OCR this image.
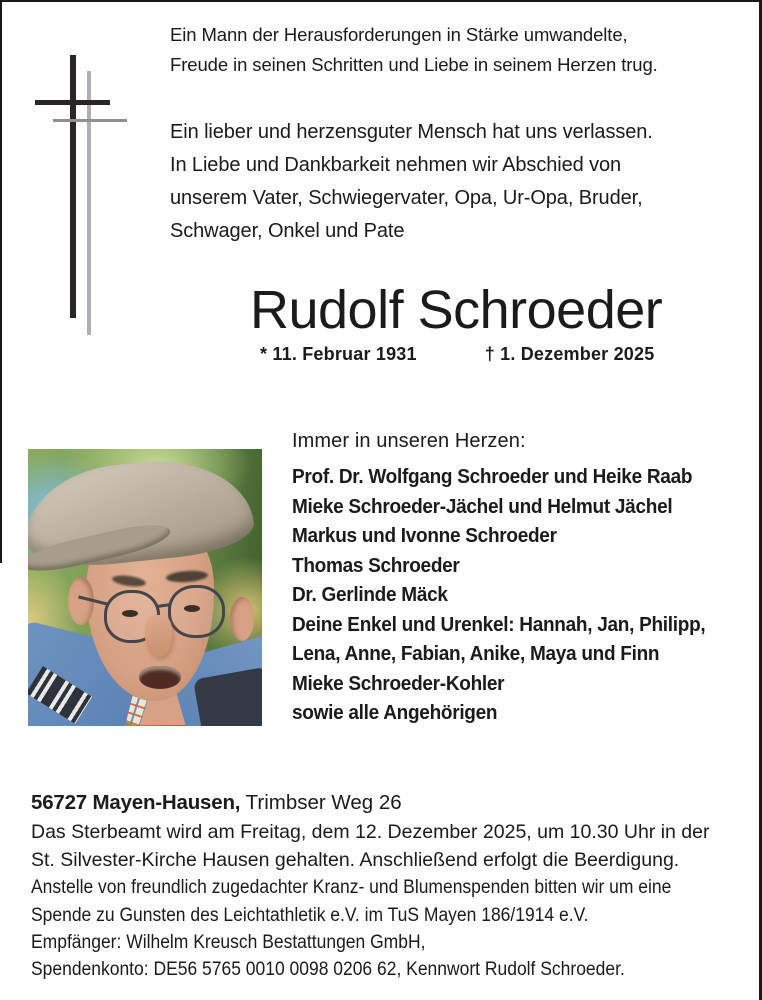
Ein Mann der Herausforderungen in Stärke umwandelte,
Freude in seinen Schritten und Liebe in seinem Herzen trug.
Ein lieber und herzensguter Mensch hat uns verlassen.
In Liebe und Dankbarkeit nehmen wir Abschied von
unserem Vater, Schwiegervater, Opa, Ur-Opa, Bruder,
Schwager, Onkel und Pate
Rudolf Schroeder
* 11. Februar 1931	† 1. Dezember 2025
Immer in unseren Herzen:
Prof. Dr. Wolfgang Schroeder und Heike Raab
Mieke Schroeder-Jächel und Helmut Jächel
Markus und Ivonne Schroeder
Thomas Schroeder
Dr. Gerlinde Mäck
Deine Enkel und Urenkel: Hannah, Jan, Philipp,
Lena, Anne, Fabian, Anike, Maya und Finn
Mieke Schroeder-Kohler
sowie alle Angehörigen
56727 Mayen-Hausen, Trimbser Weg 26
Das Sterbeamt wird am Freitag, dem 12. Dezember 2025, um 10.30 Uhr in der
St. Silvester-Kirche Hausen gehalten. Anschließend erfolgt die Beerdigung.
Anstelle von freundlich zugedachter Kranz- und Blumenspenden bitten wir um eine
Spende zu Gunsten des Leichtathletik e.V. im TuS Mayen 186/1914 e.V.
Empfänger: Wilhelm Kreusch Bestattungen GmbH,
Spendenkonto: DE56 5765 0010 0098 0206 62, Kennwort Rudolf Schroeder.
